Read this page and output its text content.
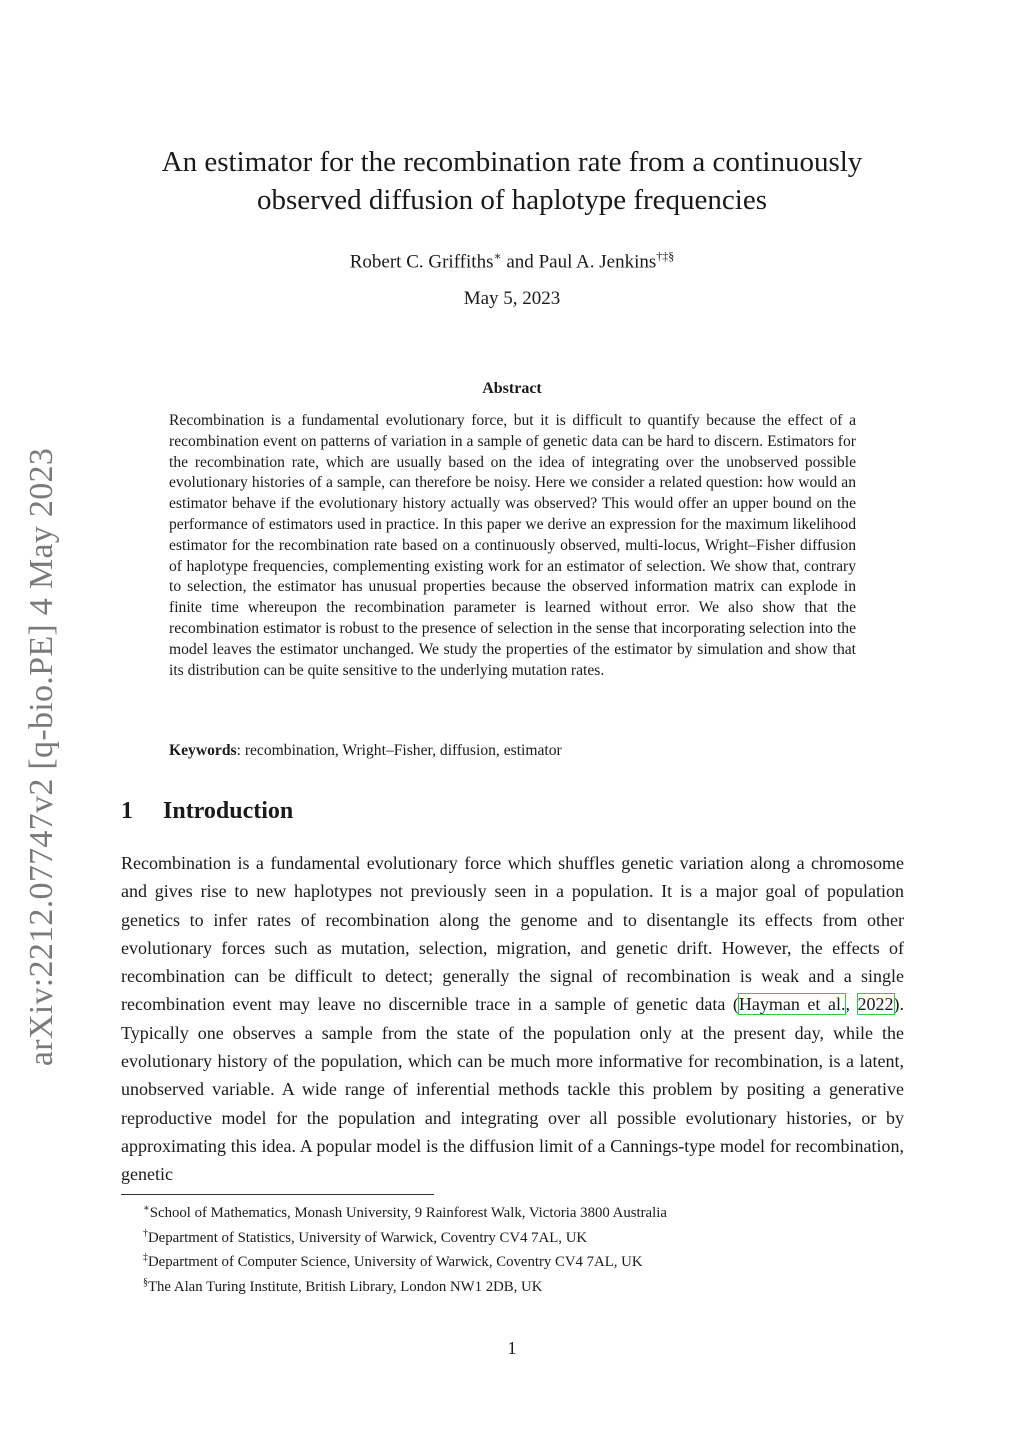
arXiv:2212.07747v2 [q-bio.PE] 4 May 2023
An estimator for the recombination rate from a continuously
observed diffusion of haplotype frequencies
Robert C. Griffiths∗ and Paul A. Jenkins†‡§
May 5, 2023
Abstract

Recombination is a fundamental evolutionary force, but it is difficult to quantify because the effect of a recombination event on patterns of variation in a sample of genetic data can be hard to discern. Estimators for the recombination rate, which are usually based on the idea of integrating over the unobserved possible evolutionary histories of a sample, can therefore be noisy. Here we consider a related question: how would an estimator behave if the evolutionary history actually was observed? This would offer an upper bound on the performance of estimators used in practice. In this paper we derive an expression for the maximum likelihood estimator for the recombination rate based on a continuously observed, multi-locus, Wright–Fisher diffusion of haplotype frequencies, complementing existing work for an estimator of selection. We show that, contrary to selection, the estimator has unusual properties because the observed information matrix can explode in finite time whereupon the recombination parameter is learned without error. We also show that the recombination estimator is robust to the presence of selection in the sense that incorporating selection into the model leaves the estimator unchanged. We study the properties of the estimator by simulation and show that its distribution can be quite sensitive to the underlying mutation rates.

Keywords: recombination, Wright–Fisher, diffusion, estimator

1 Introduction

Recombination is a fundamental evolutionary force which shuffles genetic variation along a chromosome and gives rise to new haplotypes not previously seen in a population. It is a major goal of population genetics to infer rates of recombination along the genome and to disentangle its effects from other evolutionary forces such as mutation, selection, migration, and genetic drift. However, the effects of recombination can be difficult to detect; generally the signal of recombination is weak and a single recombination event may leave no discernible trace in a sample of genetic data (Hayman et al., 2022). Typically one observes a sample from the state of the population only at the present day, while the evolutionary history of the population, which can be much more informative for recombination, is a latent, unobserved variable. A wide range of inferential methods tackle this problem by positing a generative reproductive model for the population and integrating over all possible evolutionary histories, or by approximating this idea. A popular model is the diffusion limit of a Cannings-type model for recombination, genetic

∗School of Mathematics, Monash University, 9 Rainforest Walk, Victoria 3800 Australia
†Department of Statistics, University of Warwick, Coventry CV4 7AL, UK
‡Department of Computer Science, University of Warwick, Coventry CV4 7AL, UK
§The Alan Turing Institute, British Library, London NW1 2DB, UK
1
